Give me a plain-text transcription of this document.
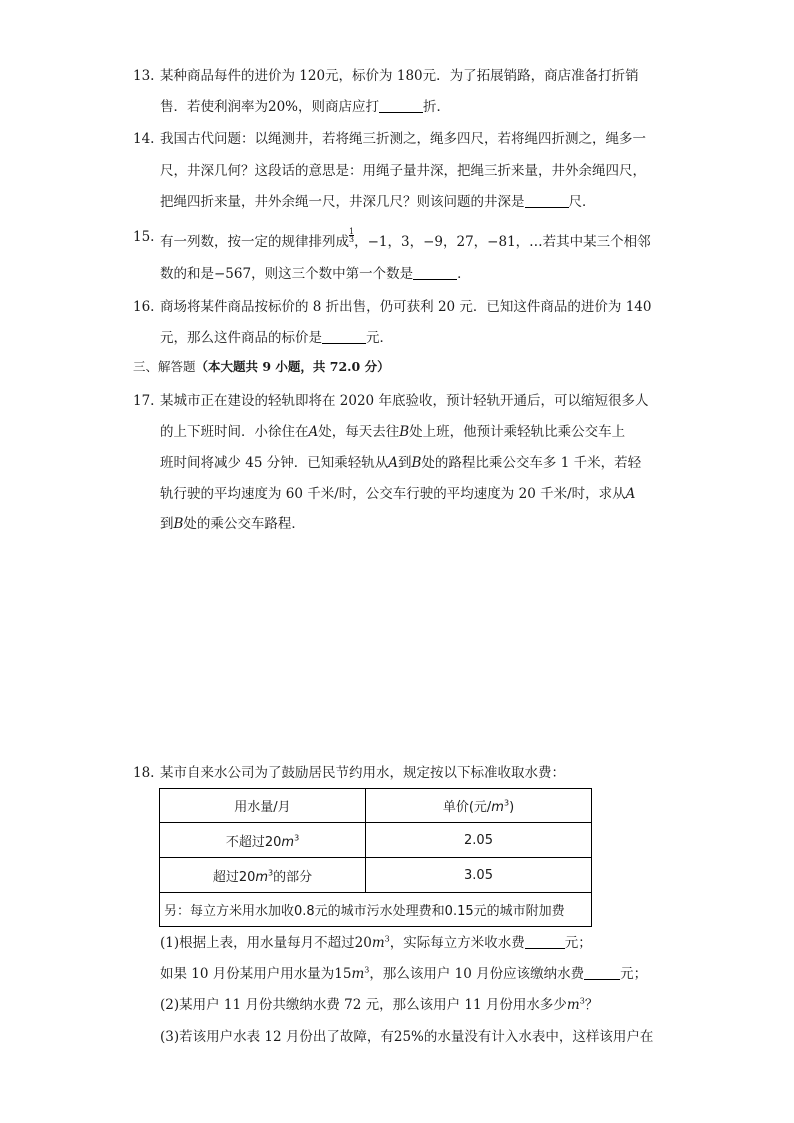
13. 某种商品每件的进价为 120元，标价为 180元．为了拓展销路，商店准备打折销
售．若使利润率为20%，则商店应打	折．
14. 我国古代问题：以绳测井，若将绳三折测之，绳多四尺，若将绳四折测之，绳多一
尺，井深几何？这段话的意思是：用绳子量井深，把绳三折来量，井外余绳四尺，
把绳四折来量，井外余绳一尺，井深几尺？则该问题的井深是	尺．
15. 有一列数，按一定的规律排列成 $\frac{1}{3}$ ，−1，3，−9，27，−81，…若其中某三个相邻
数的和是−567，则这三个数中第一个数是	．
16. 商场将某件商品按标价的 8 折出售，仍可获利 20 元．已知这件商品的进价为 140
元，那么这件商品的标价是	元．
三、解答题（本大题共 9 小题，共 72.0 分）
17. 某城市正在建设的轻轨即将在 2020 年底验收，预计轻轨开通后，可以缩短很多人
的上下班时间．小徐住在A处，每天去往B处上班，他预计乘轻轨比乘公交车上
班时间将减少 45 分钟．已知乘轻轨从A到B处的路程比乘公交车多 1 千米，若轻
轨行驶的平均速度为 60 千米/时，公交车行驶的平均速度为 20 千米/时，求从A
到B处的乘公交车路程．
18. 某市自来水公司为了鼓励居民节约用水，规定按以下标准收取水费：
用水量/月	单价(元$/m^3$)
不超过$20m^3$	2.05
超过$20m^3$的部分	3.05
另：每立方米用水加收0.8元的城市污水处理费和0.15元的城市附加费	
(1)根据上表，用水量每月不超过$20m^3$，实际每立方米收水费	元；
如果 10 月份某用户用水量为$15m^3$，那么该用户 10 月份应该缴纳水费	元；
(2)某用户 11 月份共缴纳水费 72 元，那么该用户 11 月份用水多少$m^3$？
(3)若该用户水表 12 月份出了故障，有25%的水量没有计入水表中，这样该用户在
